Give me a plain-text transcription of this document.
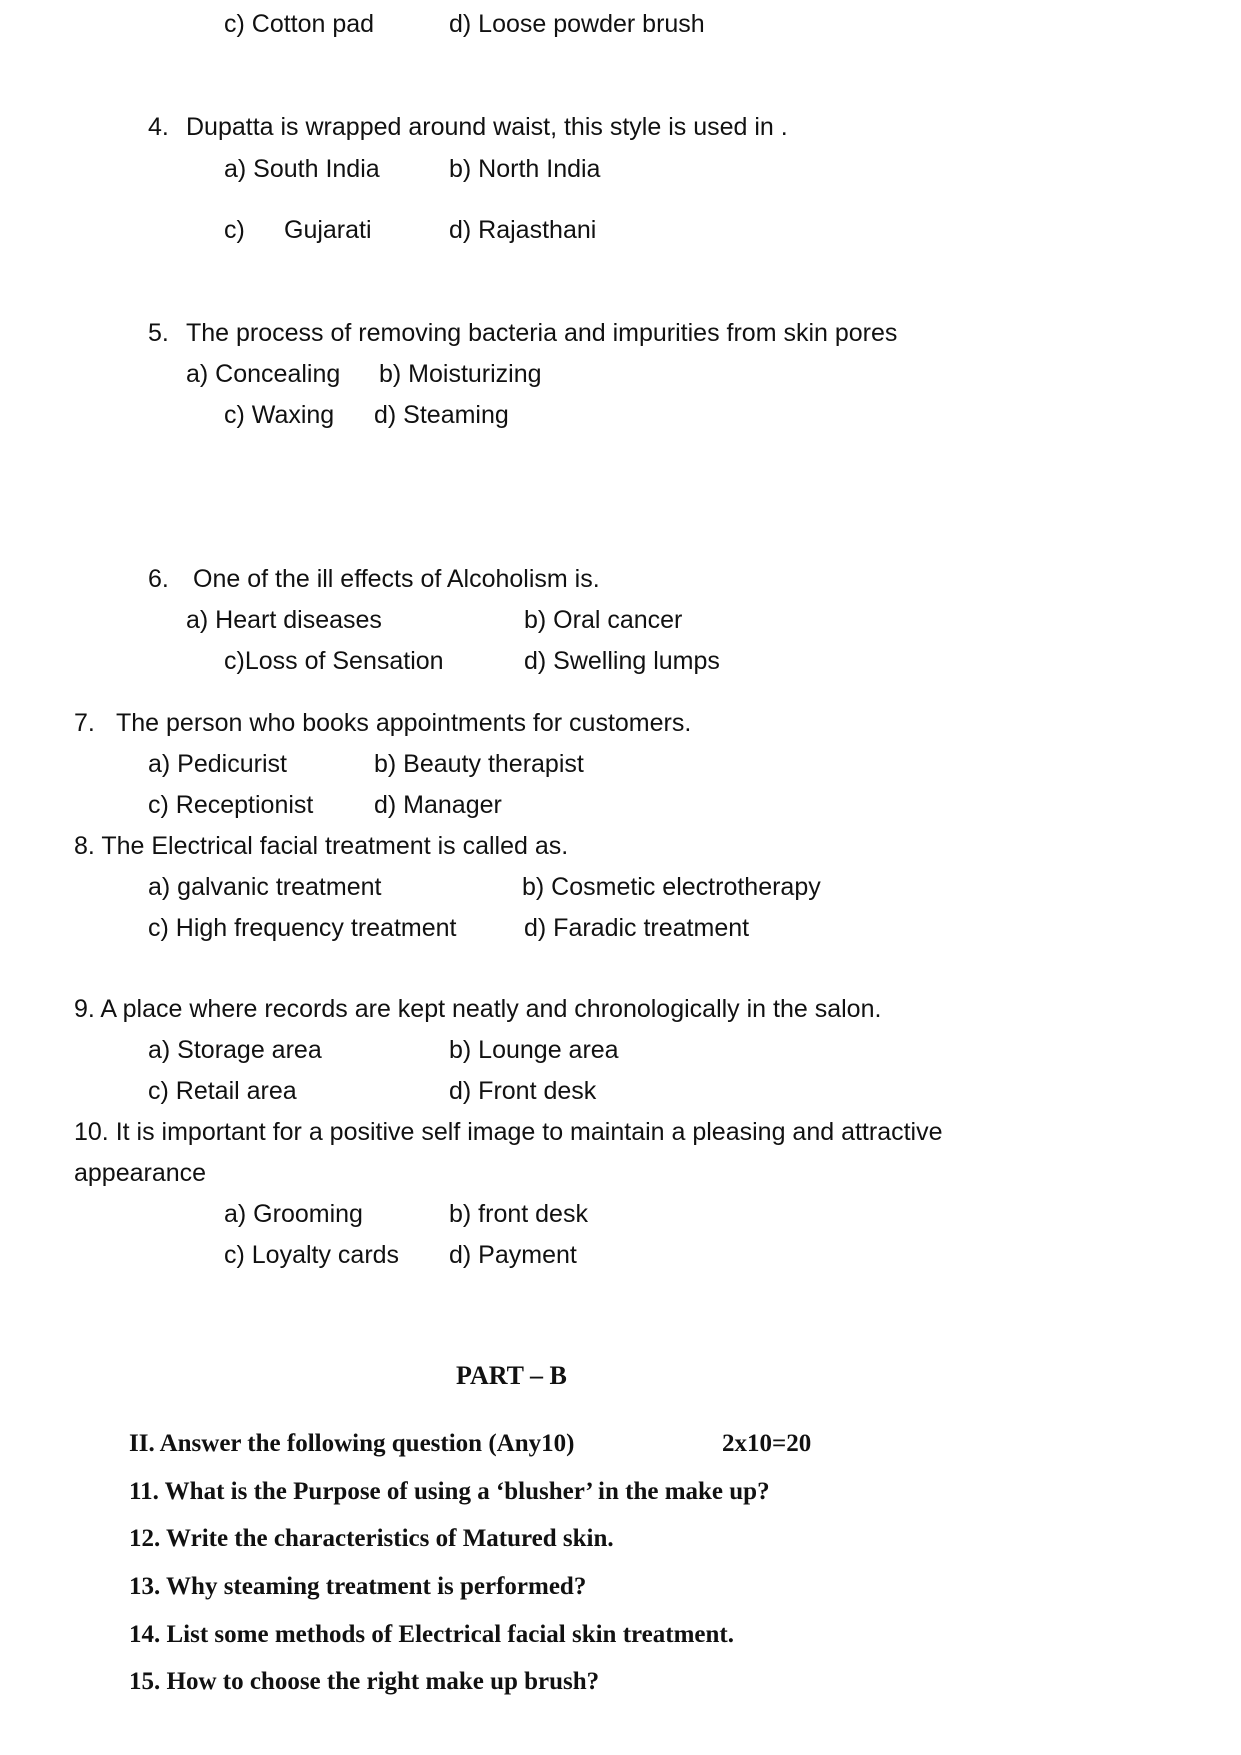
c) Cotton pad	d) Loose powder brush
4. Dupatta is wrapped around waist, this style is used in .
a) South India	b) North India
c) Gujarati	d) Rajasthani
5. The process of removing bacteria and impurities from skin pores
a) Concealing b) Moisturizing
c) Waxing d) Steaming
6. One of the ill effects of Alcoholism is.
a) Heart diseases	b) Oral cancer
c)Loss of Sensation	d) Swelling lumps
7. The person who books appointments for customers.
a) Pedicurist	b) Beauty therapist
c) Receptionist d) Manager
8. The Electrical facial treatment is called as.
a) galvanic treatment	b) Cosmetic electrotherapy
c) High frequency treatment	d) Faradic treatment
9. A place where records are kept neatly and chronologically in the salon.
a) Storage area	b) Lounge area
c) Retail area	d) Front desk
10. It is important for a positive self image to maintain a pleasing and attractive
appearance
a) Grooming	b) front desk
c) Loyalty cards d) Payment
PART – B
II. Answer the following question (Any10)	2x10=20
11. What is the Purpose of using a ‘blusher’ in the make up?
12. Write the characteristics of Matured skin.
13. Why steaming treatment is performed?
14. List some methods of Electrical facial skin treatment.
15. How to choose the right make up brush?
